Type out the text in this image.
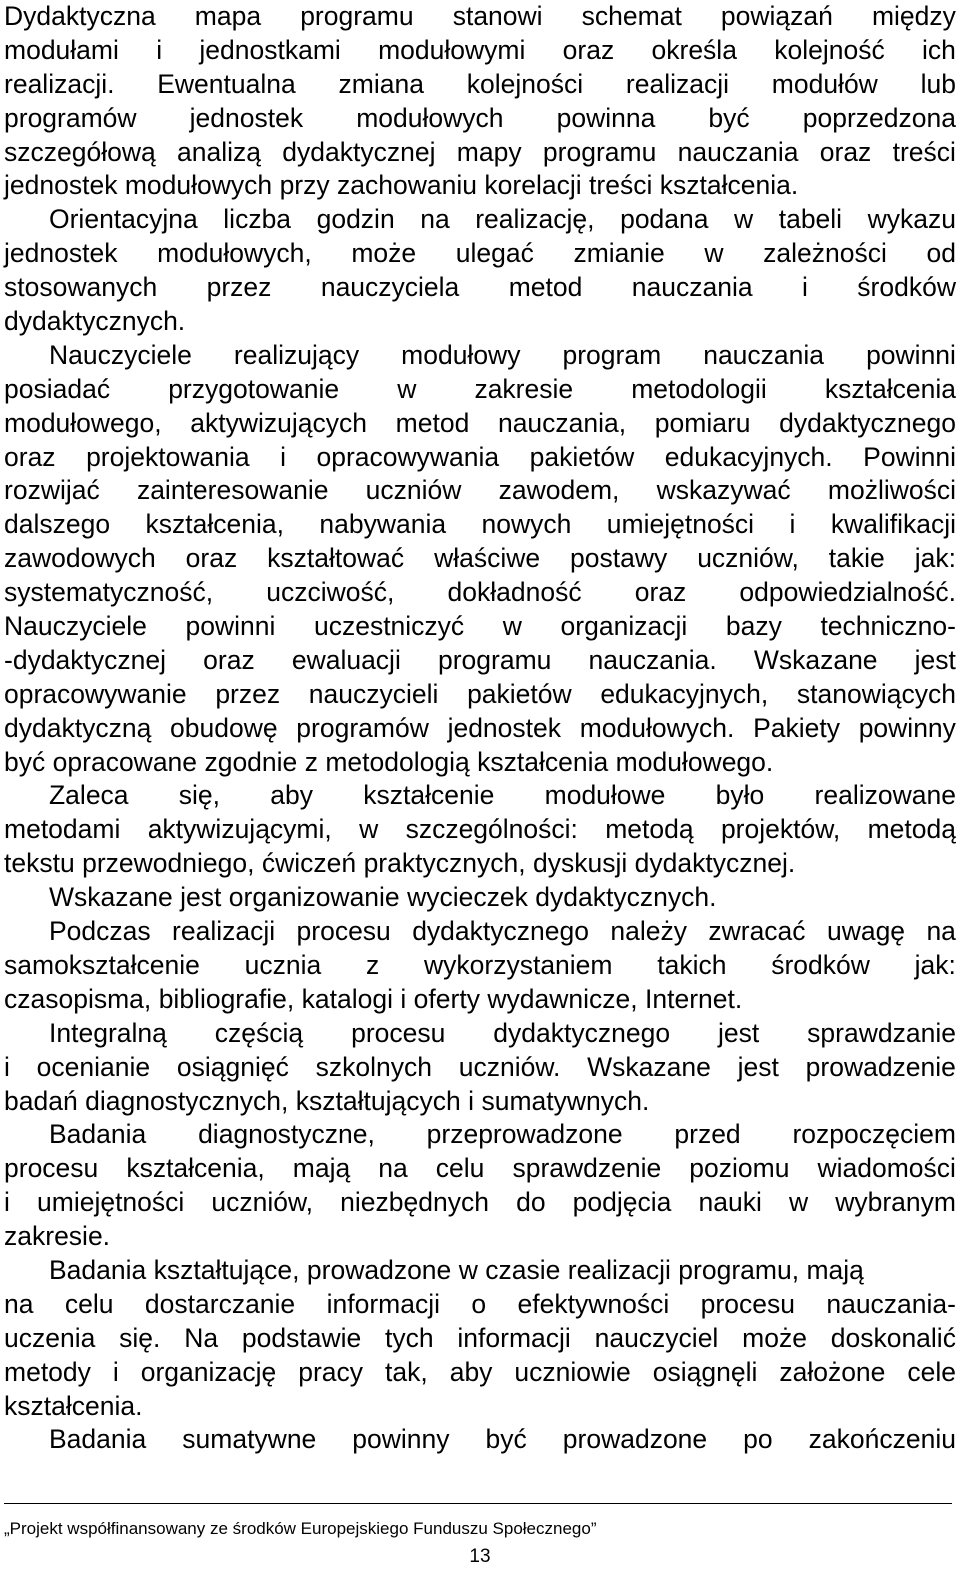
Dydaktyczna mapa programu stanowi schemat powiązań między
modułami i jednostkami modułowymi oraz określa kolejność ich
realizacji. Ewentualna zmiana kolejności realizacji modułów lub
programów jednostek modułowych powinna być poprzedzona
szczegółową analizą dydaktycznej mapy programu nauczania oraz treści
jednostek modułowych przy zachowaniu korelacji treści kształcenia.
Orientacyjna liczba godzin na realizację, podana w tabeli wykazu
jednostek modułowych, może ulegać zmianie w zależności od
stosowanych przez nauczyciela metod nauczania i środków
dydaktycznych.
Nauczyciele realizujący modułowy program nauczania powinni
posiadać przygotowanie w zakresie metodologii kształcenia
modułowego, aktywizujących metod nauczania, pomiaru dydaktycznego
oraz projektowania i opracowywania pakietów edukacyjnych. Powinni
rozwijać zainteresowanie uczniów zawodem, wskazywać możliwości
dalszego kształcenia, nabywania nowych umiejętności i kwalifikacji
zawodowych oraz kształtować właściwe postawy uczniów, takie jak:
systematyczność, uczciwość, dokładność oraz odpowiedzialność.
Nauczyciele powinni uczestniczyć w organizacji bazy techniczno-
-dydaktycznej oraz ewaluacji programu nauczania. Wskazane jest
opracowywanie przez nauczycieli pakietów edukacyjnych, stanowiących
dydaktyczną obudowę programów jednostek modułowych. Pakiety powinny
być opracowane zgodnie z metodologią kształcenia modułowego.
Zaleca się, aby kształcenie modułowe było realizowane
metodami aktywizującymi, w szczególności: metodą projektów, metodą
tekstu przewodniego, ćwiczeń praktycznych, dyskusji dydaktycznej.
Wskazane jest organizowanie wycieczek dydaktycznych.
Podczas realizacji procesu dydaktycznego należy zwracać uwagę na
samokształcenie ucznia z wykorzystaniem takich środków jak:
czasopisma, bibliografie, katalogi i oferty wydawnicze, Internet.
Integralną częścią procesu dydaktycznego jest sprawdzanie
i ocenianie osiągnięć szkolnych uczniów. Wskazane jest prowadzenie
badań diagnostycznych, kształtujących i sumatywnych.
Badania diagnostyczne, przeprowadzone przed rozpoczęciem
procesu kształcenia, mają na celu sprawdzenie poziomu wiadomości
i umiejętności uczniów, niezbędnych do podjęcia nauki w wybranym
zakresie.
Badania kształtujące, prowadzone w czasie realizacji programu, mają
na celu dostarczanie informacji o efektywności procesu nauczania-
uczenia się. Na podstawie tych informacji nauczyciel może doskonalić
metody i organizację pracy tak, aby uczniowie osiągnęli założone cele
kształcenia.
Badania sumatywne powinny być prowadzone po zakończeniu
„Projekt współfinansowany ze środków Europejskiego Funduszu Społecznego”
13
